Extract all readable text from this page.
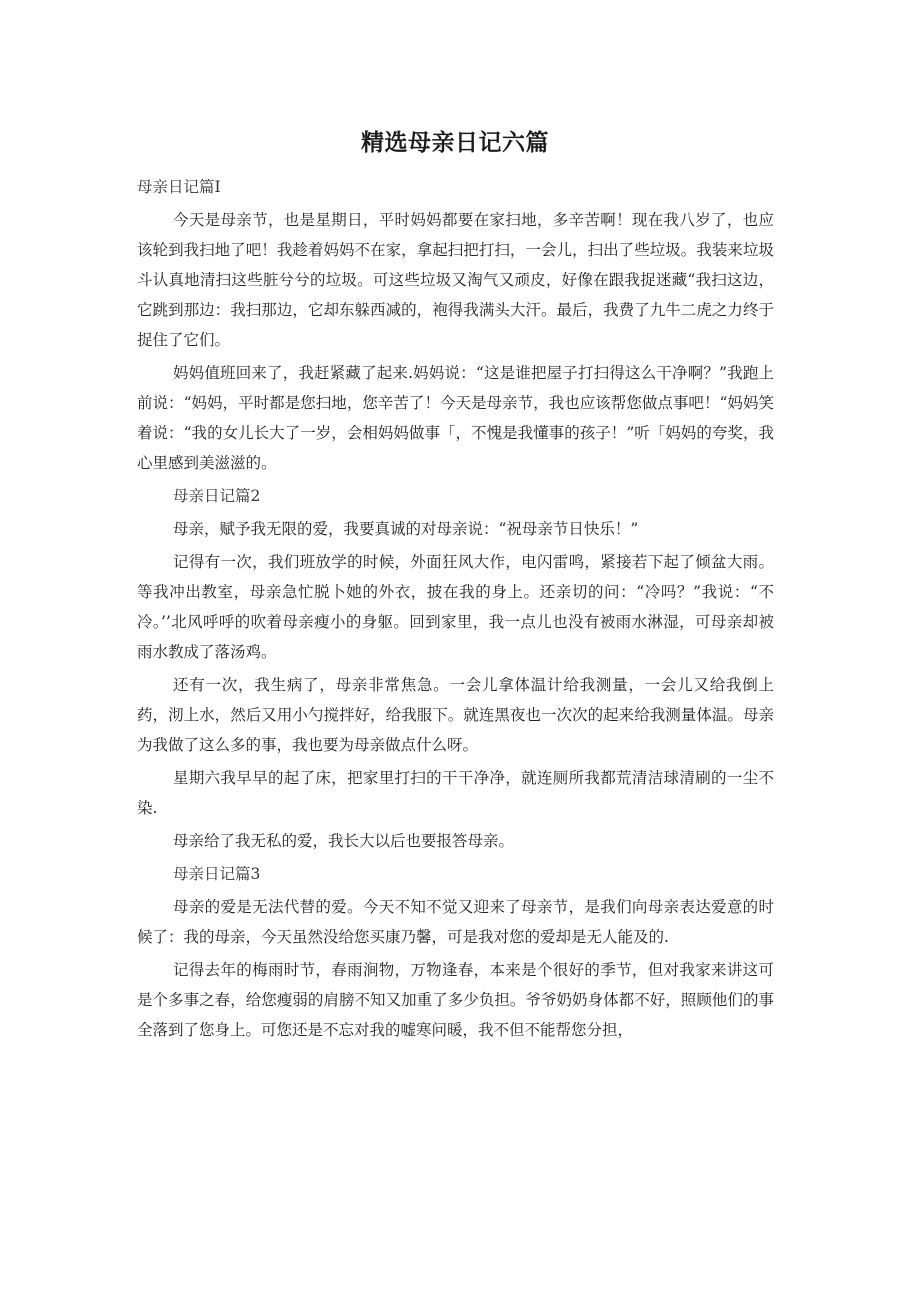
精选母亲日记六篇

母亲日记篇I

今天是母亲节，也是星期日，平时妈妈都要在家扫地，多辛苦啊！现在我八岁了，也应该轮到我扫地了吧！我趁着妈妈不在家，拿起扫把打扫，一会儿，扫出了些垃圾。我装来垃圾斗认真地清扫这些脏兮兮的垃圾。可这些垃圾又淘气又顽皮，好像在跟我捉迷藏“我扫这边，它跳到那边：我扫那边，它却东躲西减的，袍得我满头大汗。最后，我费了九牛二虎之力终于捉住了它们。

妈妈值班回来了，我赶紧藏了起来.妈妈说：“这是谁把屋子打扫得这么干净啊？”我跑上前说：“妈妈，平时都是您扫地，您辛苦了！今天是母亲节，我也应该帮您做点事吧！“妈妈笑着说：“我的女儿长大了一岁，会相妈妈做事「，不愧是我懂事的孩子！”听「妈妈的夸奖，我心里感到美滋滋的。

母亲日记篇2

母亲，赋予我无限的爱，我要真诚的对母亲说：“祝母亲节日快乐！”

记得有一次，我们班放学的时候，外面狂风大作，电闪雷鸣，紧接若下起了倾盆大雨。等我冲出教室，母亲急忙脱卜她的外衣，披在我的身上。还亲切的问：“冷吗？”我说：“不冷。’’北风呼呼的吹着母亲瘦小的身躯。回到家里，我一点儿也没有被雨水淋湿，可母亲却被雨水教成了落汤鸡。

还有一次，我生病了，母亲非常焦急。一会儿拿体温计给我测量，一会儿又给我倒上药，沏上水，然后又用小勺搅拌好，给我服下。就连黑夜也一次次的起来给我测量体温。母亲为我做了这么多的事，我也要为母亲做点什么呀。

星期六我早早的起了床，把家里打扫的干干净净，就连厕所我都荒清洁球清刷的一尘不染.

母亲给了我无私的爱，我长大以后也要报答母亲。

母亲日记篇3

母亲的爱是无法代替的爱。今天不知不觉又迎来了母亲节，是我们向母亲表达爱意的时候了：我的母亲，今天虽然没给您买康乃馨，可是我对您的爱却是无人能及的.

记得去年的梅雨时节，春雨涧物，万物逢春，本来是个很好的季节，但对我家来讲这可是个多事之春，给您瘦弱的肩膀不知又加重了多少负担。爷爷奶奶身体都不好，照顾他们的事全落到了您身上。可您还是不忘对我的嘘寒问暖，我不但不能帮您分担，
